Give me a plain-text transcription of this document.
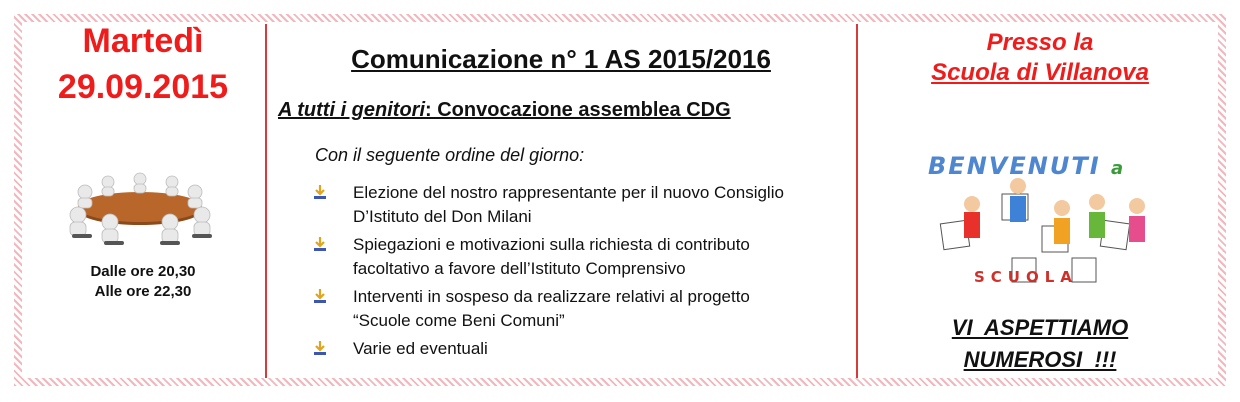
Martedì
29.09.2015
Dalle ore 20,30
Alle ore 22,30
Comunicazione n° 1 AS 2015/2016
A tutti i genitori: Convocazione assemblea CDG
Con il seguente ordine del giorno:
Elezione del nostro rappresentante per il nuovo Consiglio
D’Istituto del Don Milani
Spiegazioni e motivazioni sulla richiesta di contributo
facoltativo a favore dell’Istituto Comprensivo
Interventi in sospeso da realizzare relativi al progetto
“Scuole come Beni Comuni”
Varie ed eventuali
Presso la
Scuola di Villanova
BENVENUTI a
SCUOLA
VI  ASPETTIAMO
NUMEROSI  !!!
